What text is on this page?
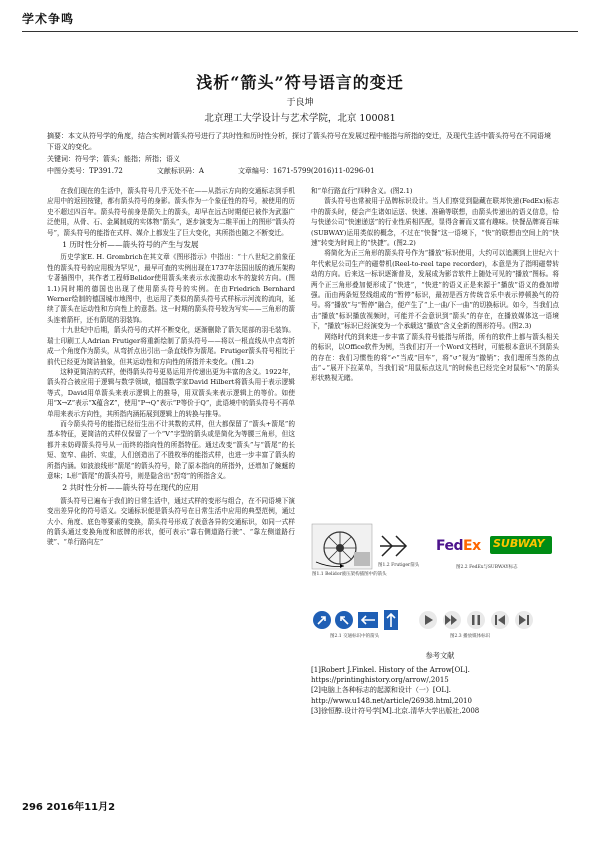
学术争鸣
浅析“箭头”符号语言的变迁
于良坤
北京理工大学设计与艺术学院，北京 100081
摘要：本文从符号学的角度，结合实例对箭头符号进行了共时性和历时性分析，探讨了箭头符号在发展过程中能指与所指的变迁，及现代生活中箭头符号在不同语境下语义的变化。
关键词：符号学；箭头；能指；所指；语义
中图分类号：TP391.72	文献标识码：A	文章编号：1671-5799(2016)11-0296-01

在我们现在的生活中，箭头符号几乎无处不在——从指示方向的交通标志到手机应用中的返回按键，都有箭头符号的身影。箭头作为一个象征性的符号，被使用的历史不超过四百年。箭头符号前身是箭矢上的箭头，却早在远古时期便已被作为武器广泛使用，从骨、石、金属制成的实体物“箭头”，逐步演变为二维平面上的图形“箭头符号”，箭头符号的能指在式样、媒介上都发生了巨大变化，其所指也随之不断变迁。

1 历时性分析——箭头符号的产生与发展

历史学家E. H. Grombrich在其文章《图形指示》中指出：“十八世纪之前象征性的箭头符号的应用极为罕见”，最早可查的实例出现在1737年法国出版的液压架构专著插图中，其作者工程师Belidor使用箭头来表示水流推动水车的旋转方向。(图1.1)同时期的德国也出现了使用箭头符号的实例。在由Friedrich Bernhard Werner绘制的德国城市地图中，也运用了类似的箭头符号式样标示河流的流向，延续了箭头在运动性和方向性上的意指。这一时期的箭头符号较为写实——三角形的箭头连着箭杆，还有箭尾的羽装饰。

十九世纪中后期，箭头符号的式样不断变化，逐渐删除了箭矢尾部的羽毛装饰。瑞士印刷工人Adrian Frutiger将重新绘制了箭头符号——将以一根直线从中点弯折成一个角度作为箭头，从弯折点出引出一条直线作为箭尾。Frutiger箭头符号相比于前代已经更为简洁抽象，但其运动性和方向性的所指并未变化。(图1.2)

这种更简洁的式样，使得箭头符号更易运用并传递出更为丰富的含义。1922年，箭头符合被应用于逻辑与数学领域，德国数学家David Hilbert将箭头用于表示逻辑等式，David用单箭头来表示逻辑上的推导，用双箭头来表示逻辑上的等价。如使用“X→Z”表示“X蕴含Z”，使用“P→Q”表示“P等价于Q”，此语境中的箭头符号不再单单用来表示方向性，其所指内涵拓展到逻辑上的转换与推导。

而今箭头符号的能指已经衍生出不计其数的式样，但大都保留了“箭头+箭尾”的基本特征，更简洁的式样仅保留了一个“V”字型的箭头或是简化为等腰三角形，但这都并未妨碍箭头符号从一而终的指向性的所指特征。通过改变“箭头”与“箭尾”的长短、宽窄、曲折、实虚，人们创造出了不胜枚举的能指式样，也进一步丰富了箭头的所指内涵。如波浪线形“箭尾”的箭头符号，除了原本指向的所指外，还增加了蜿蜒的意味；L形“箭尾”的箭头符号，则是隐含出“拐弯”的所指含义。

2 共时性分析——箭头符号在现代的应用

箭头符号已遍布于我们的日常生活中，通过式样的变形与组合，在不同语境下演变出差异化的符号语义。交通标识便是箭头符号在日常生活中应用的典型范例，通过大小、角度、底色等要素的变换，箭头符号形成了表意各异的交通标识，如同一式样的箭头通过变换角度和底牌的形状，便可表示“靠右侧道路行驶”、“靠左侧道路行驶”、“单行路向左”

和“单行路直行”四种含义。(图2.1)

箭头符号也常被用于品牌标识设计。当人们察觉到隐藏在联邦快递(FedEx)标志中的箭头时，便会产生诸如运送、快速、准确等联想，由箭头传递出的语义信息，恰与快递公司“快速递送”的行业性质相匹配，显得含蓄而又富有趣味。快餐品牌赛百味(SUBWAY)运用类似的概念，不过在“快餐”这一语境下，“快”的联想由空间上的“快速”转变为时间上的“快捷”。(图2.2)

将简化为正三角形的箭头符号作为“播放”标识使用，大约可以追溯到上世纪六十年代索尼公司生产的磁带机(Reel-to-reel tape recorder)，本意是为了指明磁带转动的方向。后来这一标识逐渐普及，发展成为影音软件上随处可见的“播放”图标。将两个正三角形叠加便形成了“快进”，“快进”的语义正是来源于“播放”语义的叠加增强。而由两条短竖线组成的“暂停”标识，最初是西方传统音乐中表示停顿换气的符号。将“播放”与“暂停”融合，便产生了“上一曲/下一曲”的切换标识。如今，当我们点击“播放”标识播放视频时，可能并不会意识到“箭头”的存在，在播放媒体这一语境下，“播放”标识已经演变为一个承载这“播放”含义全新的图形符号。(图2.3)

网络时代的到来进一步丰富了箭头符号能指与所指，所有的软件上都与箭头相关的标识，以Office软件为例，当我们打开一个Word文档时，可能根本意识不到箭头的存在：我们习惯性的将“↶”当成“回车”，将“↺”视为“撤销”；我们理所当然的点击“⌄”展开下拉菜单，当我们说“用鼠标点这儿”的时候也已经完全对鼠标“↖”的箭头形状熟视无睹。

图1.1 Belidor液压架构插图中的箭头
图1.2 Frutiger箭头
FedEx SUBWAY
图2.2 FedEx与SUBWAY标志
图2.1 交通标识中的箭头	图2.3 播放媒体标识
参考文献
[1]Robert J.Finkel. History of the Arrow[OL]. https://printinghistory.org/arrow/,2015
[2]电脑上各种标志的起源和设计（一）[OL]. http://www.u148.net/article/26938.html,2010
[3]徐恒醇.设计符号学[M].北京.清华大学出版社,2008
296 2016年11月2
